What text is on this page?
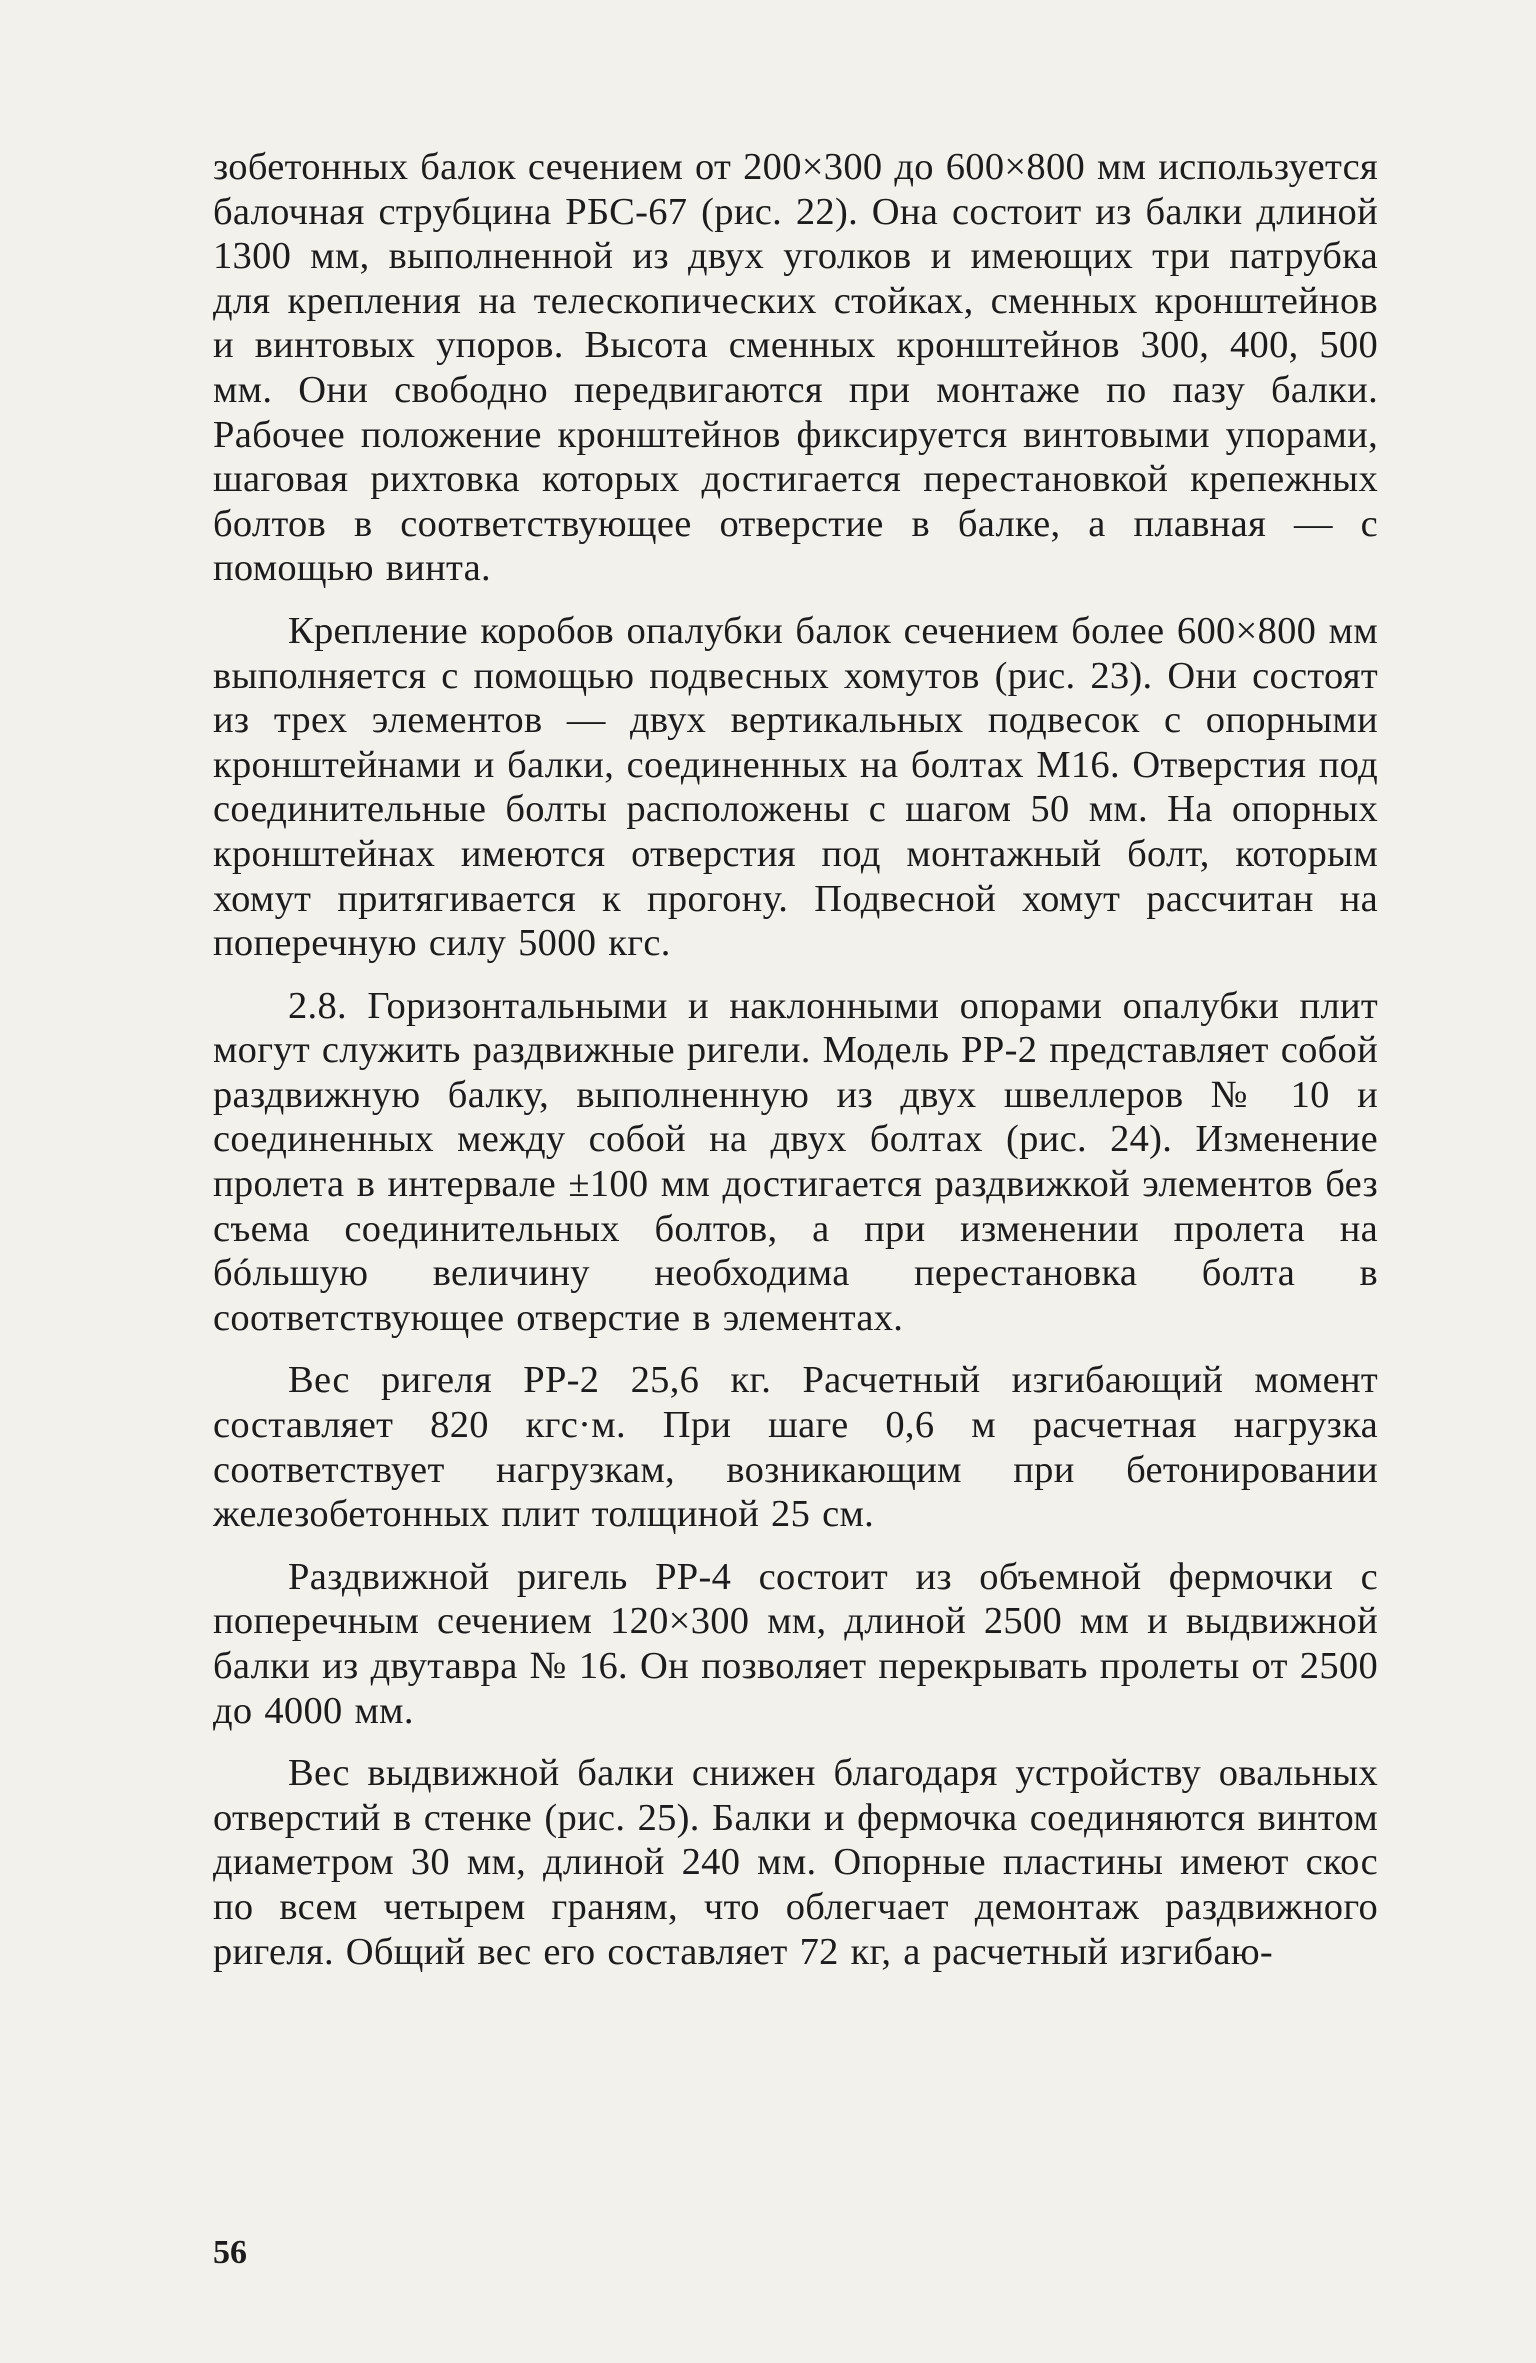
зобетонных балок сечением от 200×300 до 600×800 мм используется балочная струбцина РБС-67 (рис. 22). Она состоит из балки длиной 1300 мм, выполненной из двух уголков и имеющих три патрубка для крепления на телескопических стойках, сменных кронштейнов и винтовых упоров. Высота сменных кронштейнов 300, 400, 500 мм. Они свободно передвигаются при монтаже по пазу балки. Рабочее положение кронштейнов фиксируется винтовыми упорами, шаговая рихтовка которых достигается перестановкой крепежных болтов в соответствующее отверстие в балке, а плавная — с помощью винта.

Крепление коробов опалубки балок сечением более 600×800 мм выполняется с помощью подвесных хомутов (рис. 23). Они состоят из трех элементов — двух вертикальных подвесок с опорными кронштейнами и балки, соединенных на болтах М16. Отверстия под соединительные болты расположены с шагом 50 мм. На опорных кронштейнах имеются отверстия под монтажный болт, которым хомут притягивается к прогону. Подвесной хомут рассчитан на поперечную силу 5000 кгс.

2.8. Горизонтальными и наклонными опорами опалубки плит могут служить раздвижные ригели. Модель РР-2 представляет собой раздвижную балку, выполненную из двух швеллеров № 10 и соединенных между собой на двух болтах (рис. 24). Изменение пролета в интервале ±100 мм достигается раздвижкой элементов без съема соединительных болтов, а при изменении пролета на бóльшую величину необходима перестановка болта в соответствующее отверстие в элементах.

Вес ригеля РР-2 25,6 кг. Расчетный изгибающий момент составляет 820 кгс·м. При шаге 0,6 м расчетная нагрузка соответствует нагрузкам, возникающим при бетонировании железобетонных плит толщиной 25 см.

Раздвижной ригель РР-4 состоит из объемной фермочки с поперечным сечением 120×300 мм, длиной 2500 мм и выдвижной балки из двутавра № 16. Он позволяет перекрывать пролеты от 2500 до 4000 мм.

Вес выдвижной балки снижен благодаря устройству овальных отверстий в стенке (рис. 25). Балки и фермочка соединяются винтом диаметром 30 мм, длиной 240 мм. Опорные пластины имеют скос по всем четырем граням, что облегчает демонтаж раздвижного ригеля. Общий вес его составляет 72 кг, а расчетный изгибаю-

56
